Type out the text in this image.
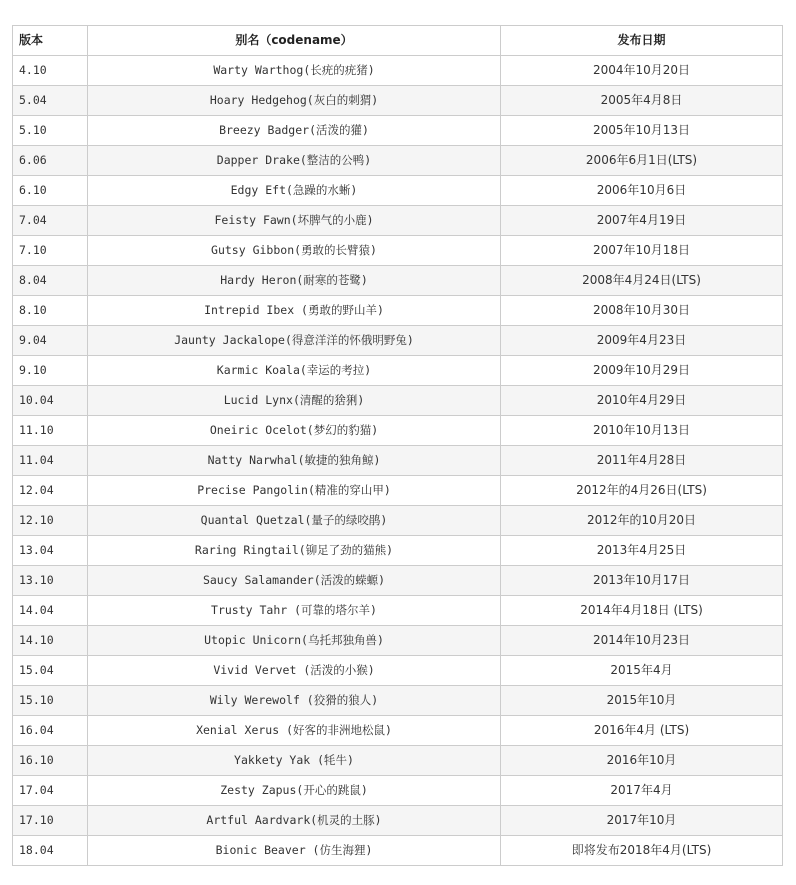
版本	别名（codename）	发布日期
4.10	Warty Warthog(长疣的疣猪)	2004年10月20日
5.04	Hoary Hedgehog(灰白的刺猬)	2005年4月8日
5.10	Breezy Badger(活泼的獾)	2005年10月13日
6.06	Dapper Drake(整洁的公鸭)	2006年6月1日(LTS)
6.10	Edgy Eft(急躁的水蜥)	2006年10月6日
7.04	Feisty Fawn(坏脾气的小鹿)	2007年4月19日
7.10	Gutsy Gibbon(勇敢的长臂猿)	2007年10月18日
8.04	Hardy Heron(耐寒的苍鹭)	2008年4月24日(LTS)
8.10	Intrepid Ibex (勇敢的野山羊)	2008年10月30日
9.04	Jaunty Jackalope(得意洋洋的怀俄明野兔)	2009年4月23日
9.10	Karmic Koala(幸运的考拉)	2009年10月29日
10.04	Lucid Lynx(清醒的猞猁)	2010年4月29日
11.10	Oneiric Ocelot(梦幻的豹猫)	2010年10月13日
11.04	Natty Narwhal(敏捷的独角鲸)	2011年4月28日
12.04	Precise Pangolin(精准的穿山甲)	2012年的4月26日(LTS)
12.10	Quantal Quetzal(量子的绿咬鹃)	2012年的10月20日
13.04	Raring Ringtail(铆足了劲的猫熊)	2013年4月25日
13.10	Saucy Salamander(活泼的蝾螈)	2013年10月17日
14.04	Trusty Tahr (可靠的塔尔羊)	2014年4月18日 (LTS)
14.10	Utopic Unicorn(乌托邦独角兽)	2014年10月23日
15.04	Vivid Vervet (活泼的小猴)	2015年4月
15.10	Wily Werewolf (狡猾的狼人)	2015年10月
16.04	Xenial Xerus (好客的非洲地松鼠)	2016年4月 (LTS)
16.10	Yakkety Yak (牦牛)	2016年10月
17.04	Zesty Zapus(开心的跳鼠)	2017年4月
17.10	Artful Aardvark(机灵的土豚)	2017年10月
18.04	Bionic Beaver (仿生海狸)	即将发布2018年4月(LTS)
